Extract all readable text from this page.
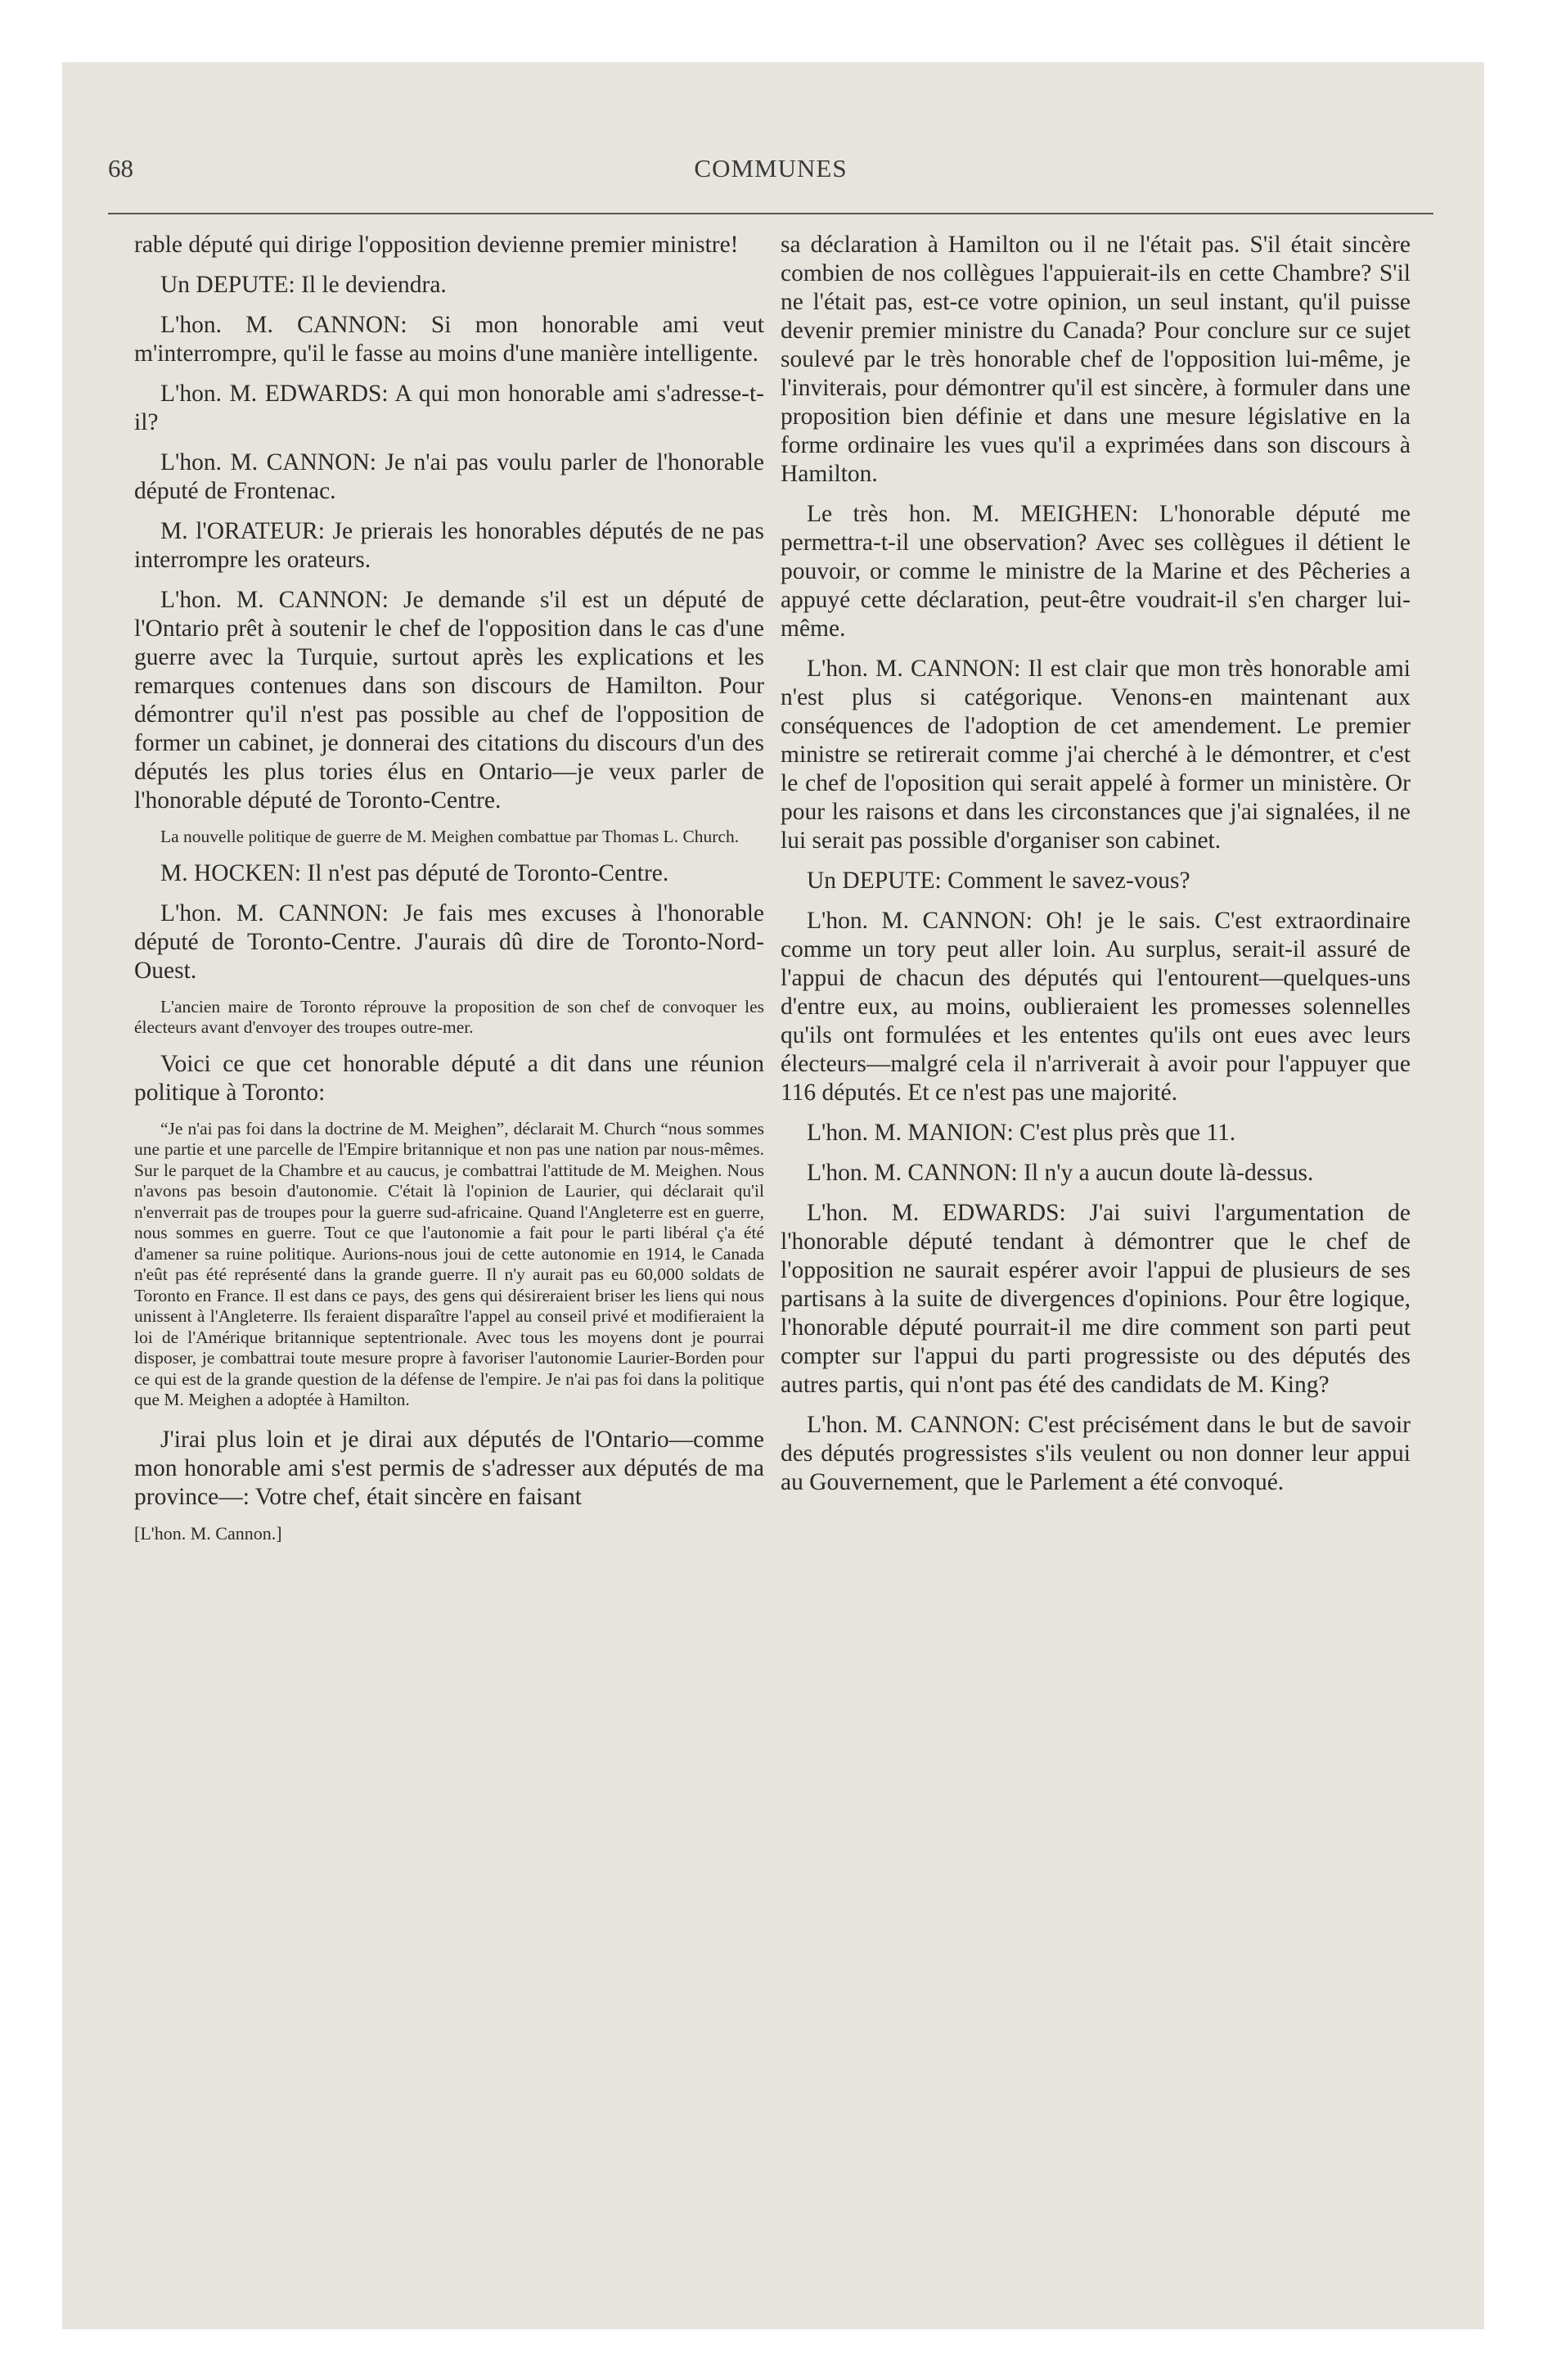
68	COMMUNES

rable député qui dirige l'opposition devienne premier ministre!

Un DEPUTE: Il le deviendra.

L'hon. M. CANNON: Si mon honorable ami veut m'interrompre, qu'il le fasse au moins d'une manière intelligente.

L'hon. M. EDWARDS: A qui mon honorable ami s'adresse-t-il?

L'hon. M. CANNON: Je n'ai pas voulu parler de l'honorable député de Frontenac.

M. l'ORATEUR: Je prierais les honorables députés de ne pas interrompre les orateurs.

L'hon. M. CANNON: Je demande s'il est un député de l'Ontario prêt à soutenir le chef de l'opposition dans le cas d'une guerre avec la Turquie, surtout après les explications et les remarques contenues dans son discours de Hamilton. Pour démontrer qu'il n'est pas possible au chef de l'opposition de former un cabinet, je donnerai des citations du discours d'un des députés les plus tories élus en Ontario—je veux parler de l'honorable député de Toronto-Centre.

La nouvelle politique de guerre de M. Meighen combattue par Thomas L. Church.

M. HOCKEN: Il n'est pas député de Toronto-Centre.

L'hon. M. CANNON: Je fais mes excuses à l'honorable député de Toronto-Centre. J'aurais dû dire de Toronto-Nord-Ouest.

L'ancien maire de Toronto réprouve la proposition de son chef de convoquer les électeurs avant d'envoyer des troupes outre-mer.

Voici ce que cet honorable député a dit dans une réunion politique à Toronto:

“Je n'ai pas foi dans la doctrine de M. Meighen”, déclarait M. Church “nous sommes une partie et une parcelle de l'Empire britannique et non pas une nation par nous-mêmes. Sur le parquet de la Chambre et au caucus, je combattrai l'attitude de M. Meighen. Nous n'avons pas besoin d'autonomie. C'était là l'opinion de Laurier, qui déclarait qu'il n'enverrait pas de troupes pour la guerre sud-africaine. Quand l'Angleterre est en guerre, nous sommes en guerre. Tout ce que l'autonomie a fait pour le parti libéral ç'a été d'amener sa ruine politique. Aurions-nous joui de cette autonomie en 1914, le Canada n'eût pas été représenté dans la grande guerre. Il n'y aurait pas eu 60,000 soldats de Toronto en France. Il est dans ce pays, des gens qui désireraient briser les liens qui nous unissent à l'Angleterre. Ils feraient disparaître l'appel au conseil privé et modifieraient la loi de l'Amérique britannique septentrionale. Avec tous les moyens dont je pourrai disposer, je combattrai toute mesure propre à favoriser l'autonomie Laurier-Borden pour ce qui est de la grande question de la défense de l'empire. Je n'ai pas foi dans la politique que M. Meighen a adoptée à Hamilton.

J'irai plus loin et je dirai aux députés de l'Ontario—comme mon honorable ami s'est permis de s'adresser aux députés de ma province—: Votre chef, était sincère en faisant

[L'hon. M. Cannon.]

sa déclaration à Hamilton ou il ne l'était pas. S'il était sincère combien de nos collègues l'appuierait-ils en cette Chambre? S'il ne l'était pas, est-ce votre opinion, un seul instant, qu'il puisse devenir premier ministre du Canada? Pour conclure sur ce sujet soulevé par le très honorable chef de l'opposition lui-même, je l'inviterais, pour démontrer qu'il est sincère, à formuler dans une proposition bien définie et dans une mesure législative en la forme ordinaire les vues qu'il a exprimées dans son discours à Hamilton.

Le très hon. M. MEIGHEN: L'honorable député me permettra-t-il une observation? Avec ses collègues il détient le pouvoir, or comme le ministre de la Marine et des Pêcheries a appuyé cette déclaration, peut-être voudrait-il s'en charger lui-même.

L'hon. M. CANNON: Il est clair que mon très honorable ami n'est plus si catégorique. Venons-en maintenant aux conséquences de l'adoption de cet amendement. Le premier ministre se retirerait comme j'ai cherché à le démontrer, et c'est le chef de l'oposition qui serait appelé à former un ministère. Or pour les raisons et dans les circonstances que j'ai signalées, il ne lui serait pas possible d'organiser son cabinet.

Un DEPUTE: Comment le savez-vous?

L'hon. M. CANNON: Oh! je le sais. C'est extraordinaire comme un tory peut aller loin. Au surplus, serait-il assuré de l'appui de chacun des députés qui l'entourent—quelques-uns d'entre eux, au moins, oublieraient les promesses solennelles qu'ils ont formulées et les ententes qu'ils ont eues avec leurs électeurs—malgré cela il n'arriverait à avoir pour l'appuyer que 116 députés. Et ce n'est pas une majorité.

L'hon. M. MANION: C'est plus près que 11.

L'hon. M. CANNON: Il n'y a aucun doute là-dessus.

L'hon. M. EDWARDS: J'ai suivi l'argumentation de l'honorable député tendant à démontrer que le chef de l'opposition ne saurait espérer avoir l'appui de plusieurs de ses partisans à la suite de divergences d'opinions. Pour être logique, l'honorable député pourrait-il me dire comment son parti peut compter sur l'appui du parti progressiste ou des députés des autres partis, qui n'ont pas été des candidats de M. King?

L'hon. M. CANNON: C'est précisément dans le but de savoir des députés progressistes s'ils veulent ou non donner leur appui au Gouvernement, que le Parlement a été convoqué.
